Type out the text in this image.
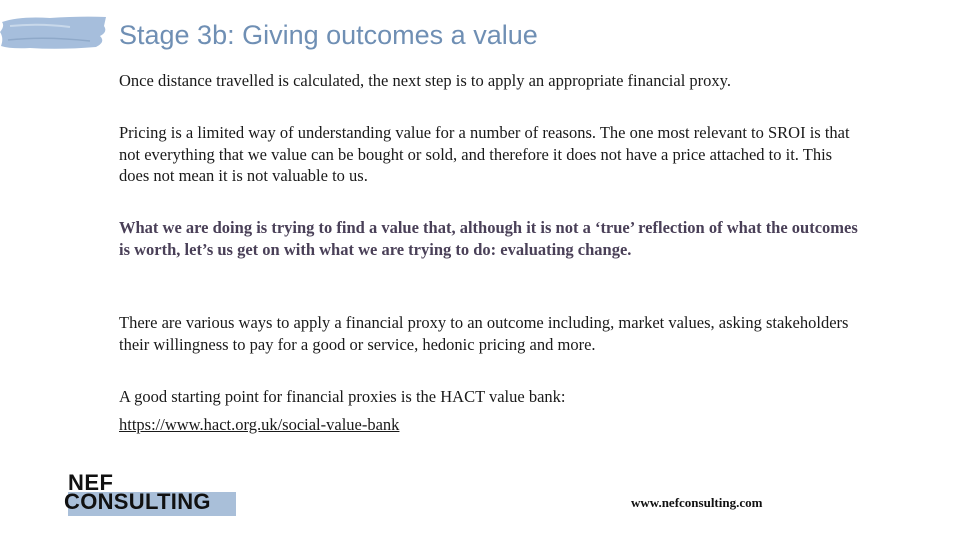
Stage 3b: Giving outcomes a value

Once distance travelled is calculated, the next step is to apply an appropriate financial proxy.

Pricing is a limited way of understanding value for a number of reasons. The one most relevant to SROI is that not everything that we value can be bought or sold, and therefore it does not have a price attached to it. This does not mean it is not valuable to us.

What we are doing is trying to find a value that, although it is not a ‘true’ reflection of what the outcomes is worth, let’s us get on with what we are trying to do: evaluating change.

There are various ways to apply a financial proxy to an outcome including, market values, asking stakeholders their willingness to pay for a good or service, hedonic pricing and more.

A good starting point for financial proxies is the HACT value bank:
https://www.hact.org.uk/social-value-bank
NEF
CONSULTING	www.nefconsulting.com
